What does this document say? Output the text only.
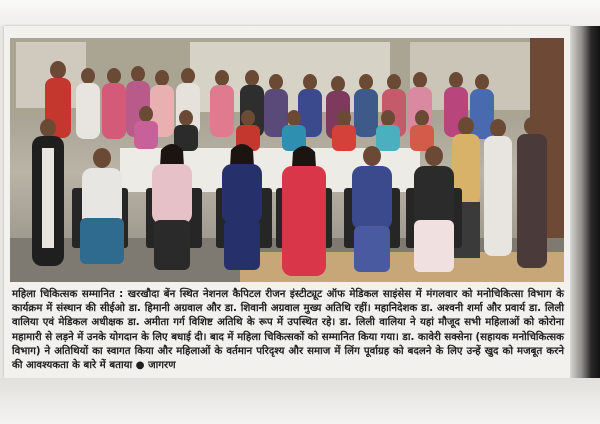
महिला चिकित्सक सम्मानित : खरखौदा बेंन स्थित नेशनल कैपिटल रीजन इंस्टीट्यूट ऑफ मेडिकल साइंसेस में मंगलवार को मनोचिकित्सा विभाग के कार्यक्रम में संस्थान की सीईओ डा. हिमानी अग्रवाल और डा. शिवानी अग्रवाल मुख्य अतिथि रहीं। महानिदेशक डा. अश्वनी शर्मा और प्रवार्य डा. लिली वालिया एवं मेडिकल अधीक्षक डा. अमीता गर्ग विशिष्ट अतिथि के रूप में उपस्थित रहे। डा. लिली वालिया ने यहां मौजूद सभी महिलाओं को कोरोना महामारी से लड़ने में उनके योगदान के लिए बधाई दी। बाद में महिला चिकित्सकों को सम्मानित किया गया। डा. कावेरी सक्सेना (सहायक मनोचिकित्सक विभाग) ने अतिथियों का स्वागत किया और महिलाओं के वर्तमान परिदृश्य और समाज में लिंग पूर्वाग्रह को बदलने के लिए उन्हें खुद को मजबूत करने की आवश्यकता के बारे में बताया ● जागरण
